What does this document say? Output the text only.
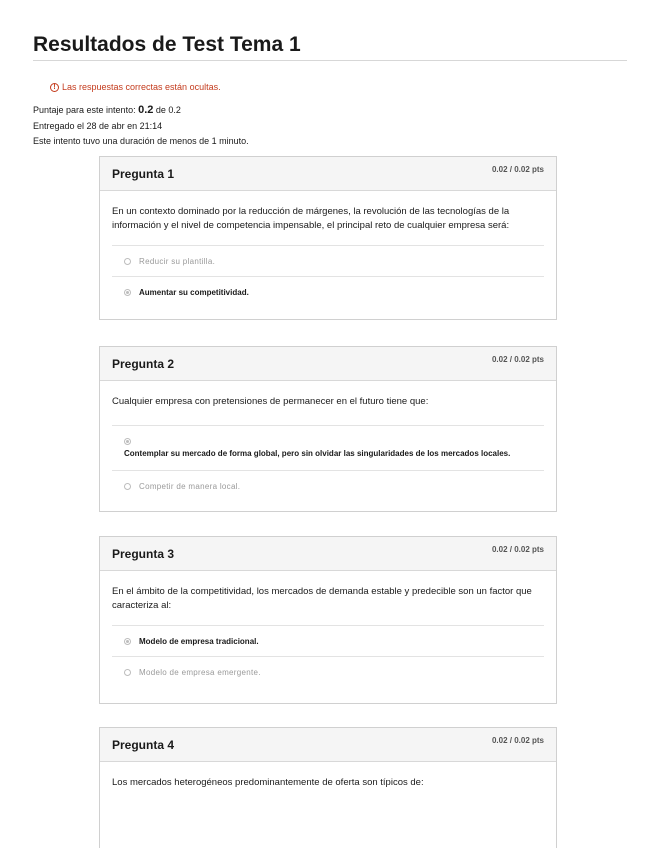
Resultados de Test Tema 1
! Las respuestas correctas están ocultas.
Puntaje para este intento: 0.2 de 0.2
Entregado el 28 de abr en 21:14
Este intento tuvo una duración de menos de 1 minuto.
Pregunta 1	0.02 / 0.02 pts

En un contexto dominado por la reducción de márgenes, la revolución de las tecnologías de la información y el nivel de competencia impensable, el principal reto de cualquier empresa será:

Reducir su plantilla.
Aumentar su competitividad.
Pregunta 2	0.02 / 0.02 pts

Cualquier empresa con pretensiones de permanecer en el futuro tiene que:

Contemplar su mercado de forma global, pero sin olvidar las singularidades de los mercados locales.
Competir de manera local.
Pregunta 3	0.02 / 0.02 pts

En el ámbito de la competitividad, los mercados de demanda estable y predecible son un factor que caracteriza al:

Modelo de empresa tradicional.
Modelo de empresa emergente.
Pregunta 4	0.02 / 0.02 pts

Los mercados heterogéneos predominantemente de oferta son típicos de:
